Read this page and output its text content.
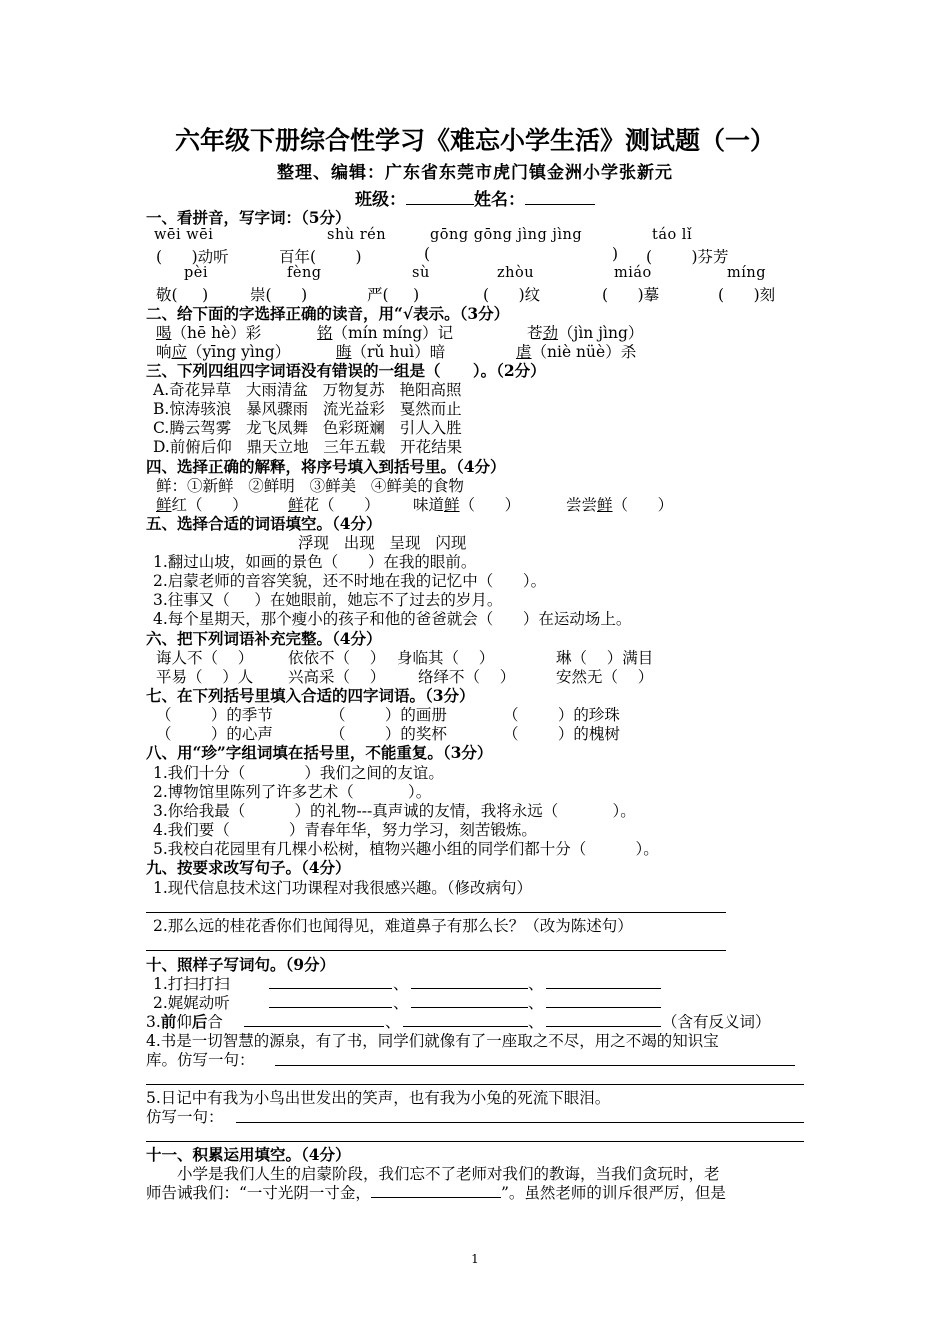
六年级下册综合性学习《难忘小学生活》测试题（一）
整理、编辑：广东省东莞市虎门镇金洲小学张新元
班级：	姓名：
一、看拼音，写字词：（5分）
wēi wēi	shù rén	gōng gōng jìng jìng	táo lǐ
(      )动听	百年(        )	(	) (        )芬芳
pèi	fèng	sù	zhòu	miáo	míng
敬(     )	崇(      )	严(     )	(      )纹	(      )摹	(      )刻
二、给下面的字选择正确的读音，用“√表示。（3分）
喝（hē hè）彩	铭（mín míng）记	苍劲（jìn jìng）
响应（yīng yìng）	晦（rǔ huì）暗	虐（niè nüè）杀
三、下列四组四字词语没有错误的一组是（      ）。（2分）
A.奇花异草   大雨清盆   万物复苏   艳阳高照
B.惊涛骇浪   暴风骤雨   流光益彩   戛然而止
C.腾云驾雾   龙飞凤舞   色彩斑斓   引人入胜
D.前俯后仰   鼎天立地   三年五载   开花结果
四、选择正确的解释，将序号填入到括号里。（4分）
鲜：①新鲜   ②鲜明   ③鲜美   ④鲜美的食物
鲜红（      ）	鲜花（      ） 味道鲜（      ）	尝尝鲜（      ）
五、选择合适的词语填空。（4分）
浮现   出现   呈现   闪现
1.翻过山坡，如画的景色（      ）在我的眼前。
2.启蒙老师的音容笑貌，还不时地在我的记忆中（      ）。
3.往事又（     ）在她眼前，她忘不了过去的岁月。
4.每个星期天，那个瘦小的孩子和他的爸爸就会（      ）在运动场上。
六、把下列词语补充完整。（4分）
诲人不（    ） 依依不（    ） 身临其（    ）	琳（    ）满目
平易（    ）人 兴高采（    ） 络绎不（    ）	安然无（    ）
七、在下列括号里填入合适的四字词语。（3分）
（        ）的季节	（        ）的画册	（        ）的珍珠
（        ）的心声	（        ）的奖杯	（        ）的槐树
八、用“珍”字组词填在括号里，不能重复。（3分）
1.我们十分（            ）我们之间的友谊。
2.博物馆里陈列了许多艺术（           ）。
3.你给我最（          ）的礼物---真声诚的友情，我将永远（           ）。
4.我们要（            ）青春年华，努力学习，刻苦锻炼。
5.我校白花园里有几棵小松树，植物兴趣小组的同学们都十分（          ）。
九、按要求改写句子。（4分）
1.现代信息技术这门功课程对我很感兴趣。（修改病句）
2.那么远的桂花香你们也闻得见，难道鼻子有那么长？（改为陈述句）
十、照样子写词句。（9分）
1.打扫打扫	、	、
2.娓娓动听	、	、
3.前仰后合	、	、	（含有反义词）
4.书是一切智慧的源泉，有了书，同学们就像有了一座取之不尽，用之不竭的知识宝
库。仿写一句：
5.日记中有我为小鸟出世发出的笑声，也有我为小兔的死流下眼泪。
仿写一句：
十一、积累运用填空。（4分）
小学是我们人生的启蒙阶段，我们忘不了老师对我们的教诲，当我们贪玩时，老
师告诫我们：“一寸光阴一寸金，	”。虽然老师的训斥很严厉，但是
1
